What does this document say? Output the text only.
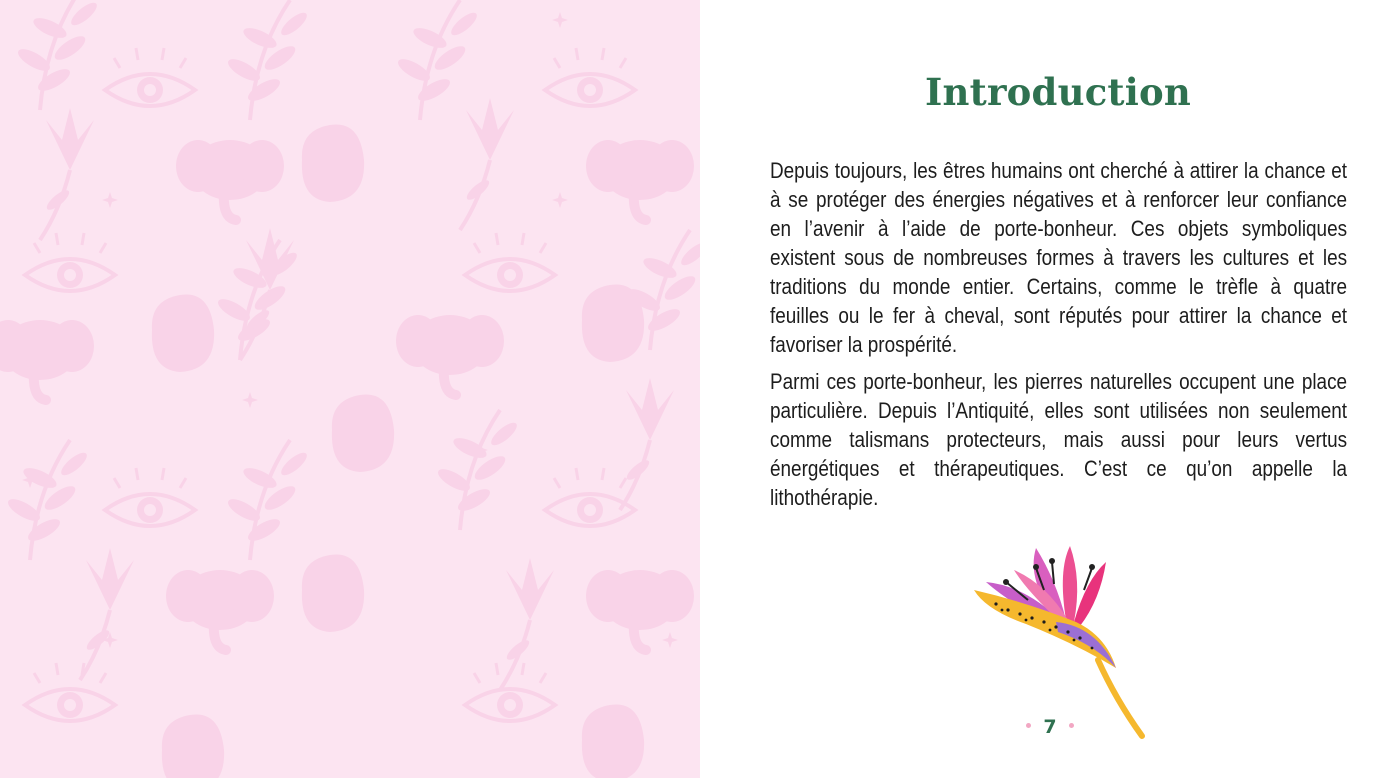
Introduction

Depuis toujours, les êtres humains ont cherché à attirer la chance et à se protéger des énergies négatives et à renforcer leur confiance en l’avenir à l’aide de porte-bonheur. Ces objets symboliques existent sous de nombreuses formes à travers les cultures et les traditions du monde entier. Certains, comme le trèfle à quatre feuilles ou le fer à cheval, sont réputés pour attirer la chance et favoriser la prospérité.

Parmi ces porte-bonheur, les pierres naturelles occupent une place particulière. Depuis l’Antiquité, elles sont utilisées non seulement comme talismans protecteurs, mais aussi pour leurs vertus énergétiques et thérapeutiques. C’est ce qu’on appelle la lithothérapie.

7
